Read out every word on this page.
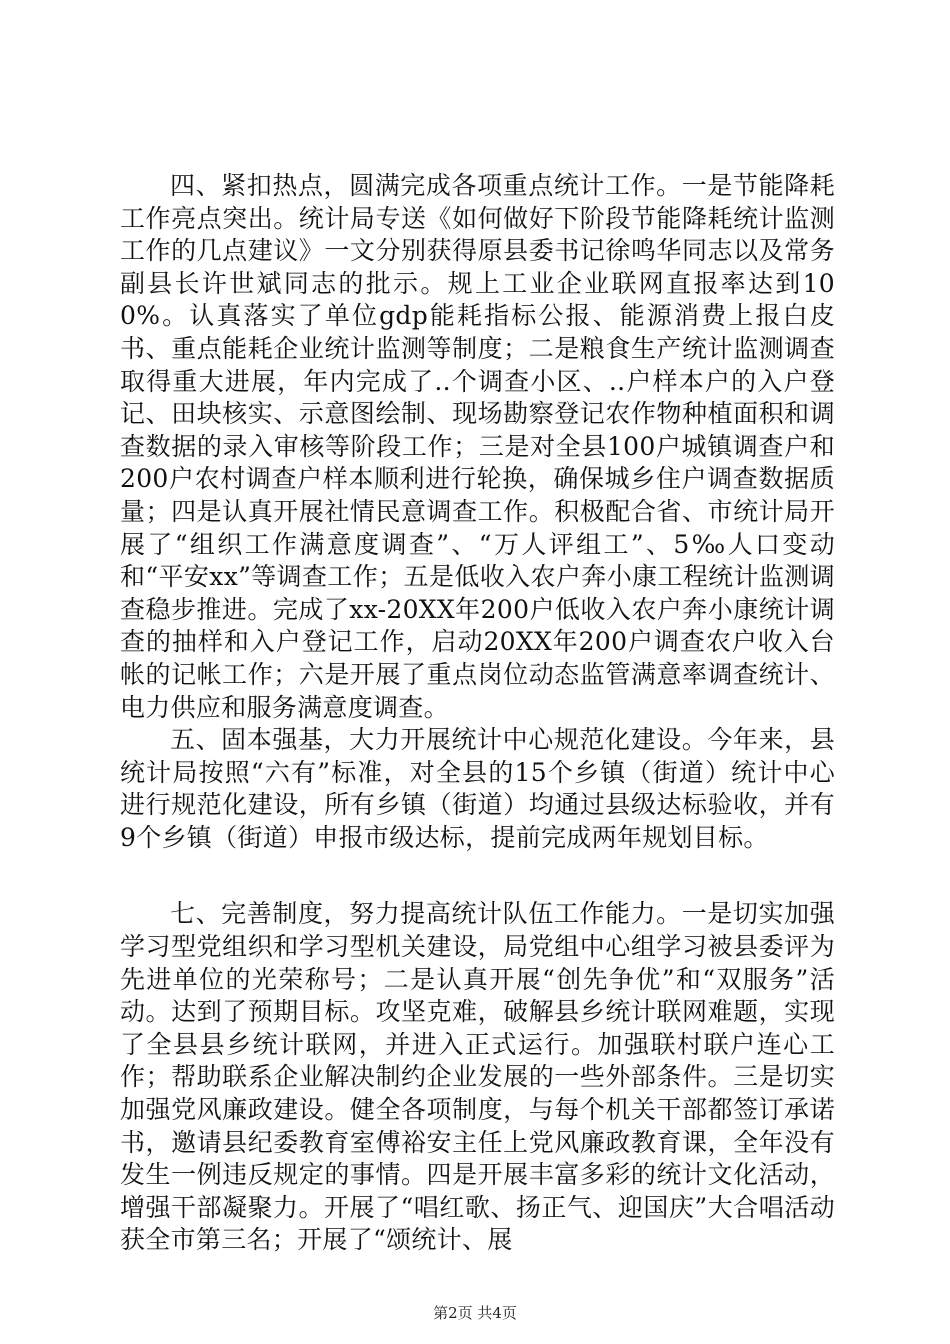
四、紧扣热点，圆满完成各项重点统计工作。一是节能降耗工作亮点突出。统计局专送《如何做好下阶段节能降耗统计监测工作的几点建议》一文分别获得原县委书记徐鸣华同志以及常务副县长许世斌同志的批示。规上工业企业联网直报率达到100%。认真落实了单位gdp能耗指标公报、能源消费上报白皮书、重点能耗企业统计监测等制度；二是粮食生产统计监测调查取得重大进展，年内完成了..个调查小区、..户样本户的入户登记、田块核实、示意图绘制、现场勘察登记农作物种植面积和调查数据的录入审核等阶段工作；三是对全县100户城镇调查户和200户农村调查户样本顺利进行轮换，确保城乡住户调查数据质量；四是认真开展社情民意调查工作。积极配合省、市统计局开展了“组织工作满意度调查”、“万人评组工”、5‰人口变动和“平安xx”等调查工作；五是低收入农户奔小康工程统计监测调查稳步推进。完成了xx-20XX年200户低收入农户奔小康统计调查的抽样和入户登记工作，启动20XX年200户调查农户收入台帐的记帐工作；六是开展了重点岗位动态监管满意率调查统计、电力供应和服务满意度调查。

五、固本强基，大力开展统计中心规范化建设。今年来，县统计局按照“六有”标准，对全县的15个乡镇（街道）统计中心进行规范化建设，所有乡镇（街道）均通过县级达标验收，并有9个乡镇（街道）申报市级达标，提前完成两年规划目标。

七、完善制度，努力提高统计队伍工作能力。一是切实加强学习型党组织和学习型机关建设，局党组中心组学习被县委评为先进单位的光荣称号；二是认真开展“创先争优”和“双服务”活动。达到了预期目标。攻坚克难，破解县乡统计联网难题，实现了全县县乡统计联网，并进入正式运行。加强联村联户连心工作；帮助联系企业解决制约企业发展的一些外部条件。三是切实加强党风廉政建设。健全各项制度，与每个机关干部都签订承诺书，邀请县纪委教育室傅裕安主任上党风廉政教育课，全年没有发生一例违反规定的事情。四是开展丰富多彩的统计文化活动，增强干部凝聚力。开展了“唱红歌、扬正气、迎国庆”大合唱活动获全市第三名；开展了“颂统计、展

第2页 共4页
